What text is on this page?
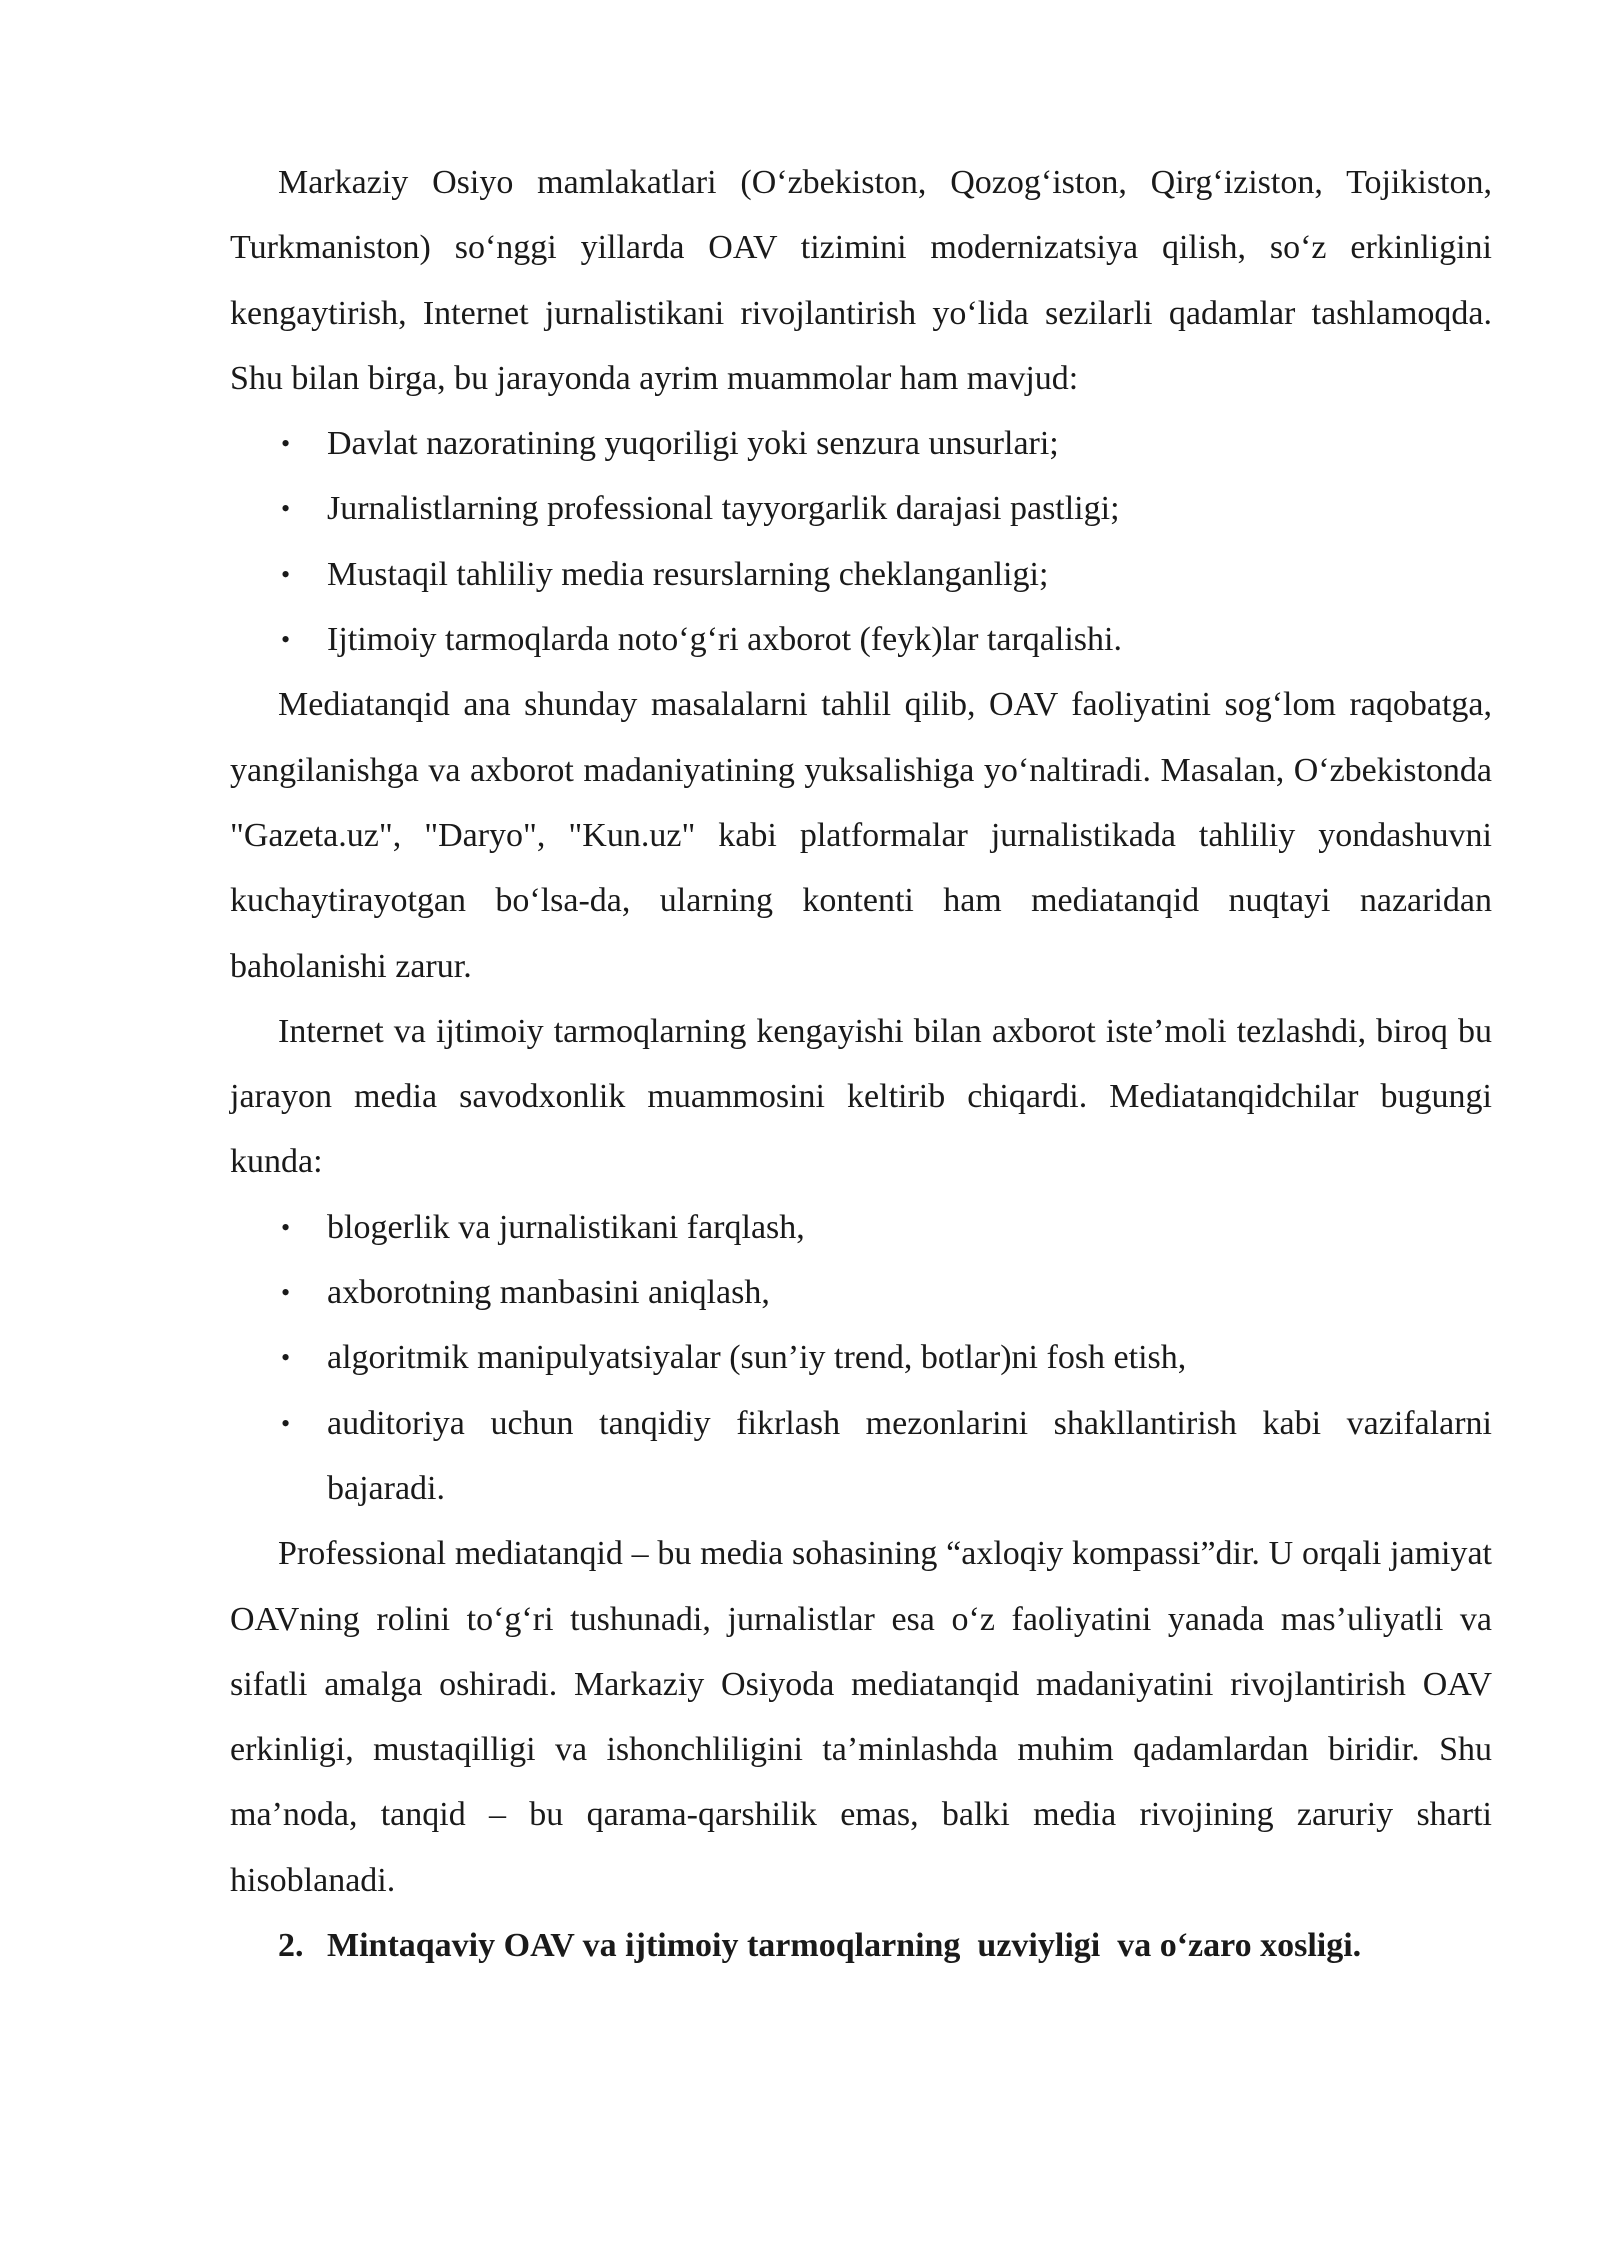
Markaziy Osiyo mamlakatlari (O‘zbekiston, Qozog‘iston, Qirg‘iziston, Tojikiston, Turkmaniston) so‘nggi yillarda OAV tizimini modernizatsiya qilish, so‘z erkinligini kengaytirish, Internet jurnalistikani rivojlantirish yo‘lida sezilarli qadamlar tashlamoqda. Shu bilan birga, bu jarayonda ayrim muammolar ham mavjud:

• Davlat nazoratining yuqoriligi yoki senzura unsurlari;
• Jurnalistlarning professional tayyorgarlik darajasi pastligi;
• Mustaqil tahliliy media resurslarning cheklanganligi;
• Ijtimoiy tarmoqlarda noto‘g‘ri axborot (feyk)lar tarqalishi.

Mediatanqid ana shunday masalalarni tahlil qilib, OAV faoliyatini sog‘lom raqobatga, yangilanishga va axborot madaniyatining yuksalishiga yo‘naltiradi. Masalan, O‘zbekistonda "Gazeta.uz", "Daryo", "Kun.uz" kabi platformalar jurnalistikada tahliliy yondashuvni kuchaytirayotgan bo‘lsa-da, ularning kontenti ham mediatanqid nuqtayi nazaridan baholanishi zarur.

Internet va ijtimoiy tarmoqlarning kengayishi bilan axborot iste’moli tezlashdi, biroq bu jarayon media savodxonlik muammosini keltirib chiqardi. Mediatanqidchilar bugungi kunda:

• blogerlik va jurnalistikani farqlash,
• axborotning manbasini aniqlash,
• algoritmik manipulyatsiyalar (sun’iy trend, botlar)ni fosh etish,
• auditoriya uchun tanqidiy fikrlash mezonlarini shakllantirish kabi vazifalarni bajaradi.

Professional mediatanqid – bu media sohasining “axloqiy kompassi”dir. U orqali jamiyat OAVning rolini to‘g‘ri tushunadi, jurnalistlar esa o‘z faoliyatini yanada mas’uliyatli va sifatli amalga oshiradi. Markaziy Osiyoda mediatanqid madaniyatini rivojlantirish OAV erkinligi, mustaqilligi va ishonchliligini ta’minlashda muhim qadamlardan biridir. Shu ma’noda, tanqid – bu qarama-qarshilik emas, balki media rivojining zaruriy sharti hisoblanadi.

2. Mintaqaviy OAV va ijtimoiy tarmoqlarning  uzviyligi  va o‘zaro xosligi.
